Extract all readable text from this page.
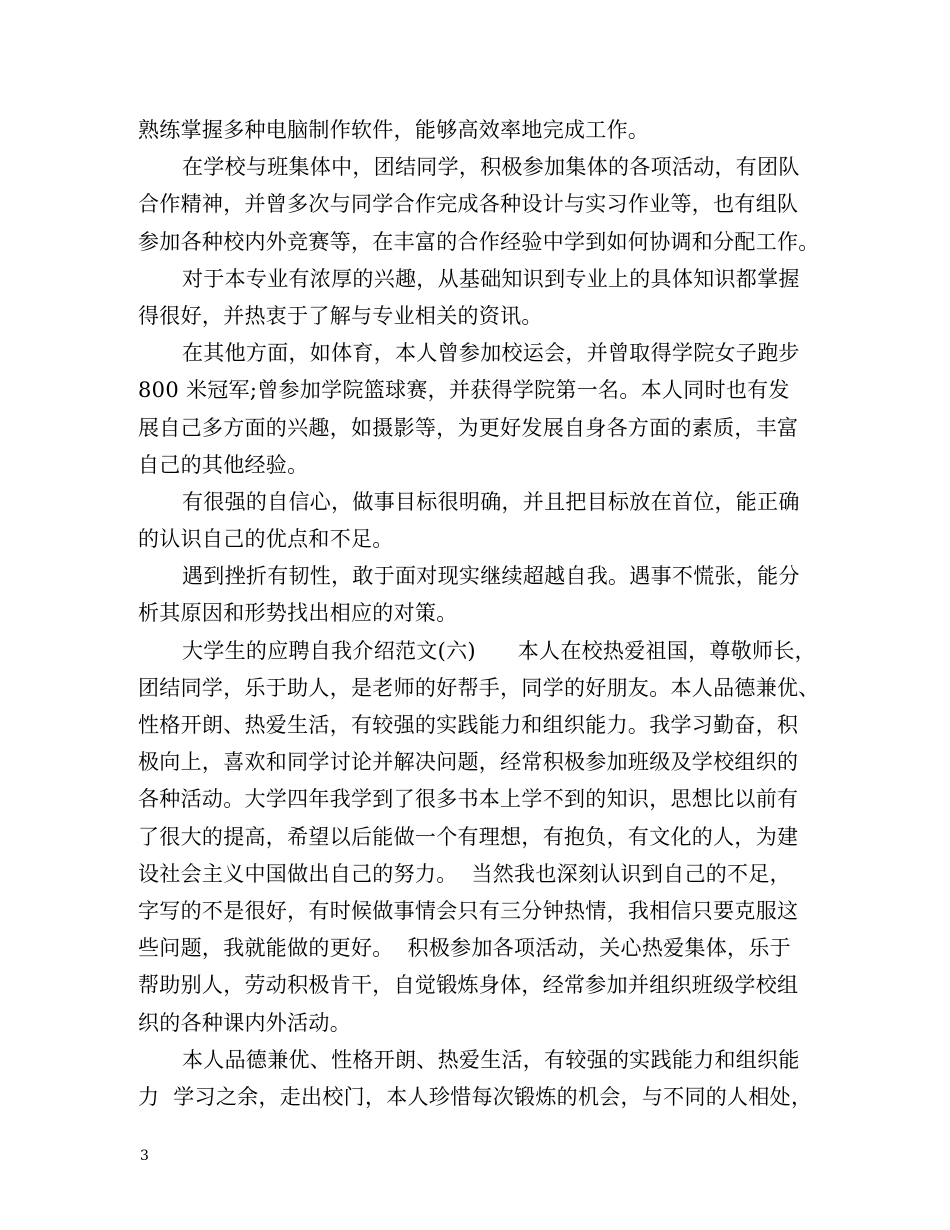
熟练掌握多种电脑制作软件，能够高效率地完成工作。
在学校与班集体中，团结同学，积极参加集体的各项活动，有团队
合作精神，并曾多次与同学合作完成各种设计与实习作业等，也有组队
参加各种校内外竞赛等，在丰富的合作经验中学到如何协调和分配工作。
对于本专业有浓厚的兴趣，从基础知识到专业上的具体知识都掌握
得很好，并热衷于了解与专业相关的资讯。
在其他方面，如体育，本人曾参加校运会，并曾取得学院女子跑步
800 米冠军;曾参加学院篮球赛，并获得学院第一名。本人同时也有发
展自己多方面的兴趣，如摄影等，为更好发展自身各方面的素质，丰富
自己的其他经验。
有很强的自信心，做事目标很明确，并且把目标放在首位，能正确
的认识自己的优点和不足。
遇到挫折有韧性，敢于面对现实继续超越自我。遇事不慌张，能分
析其原因和形势找出相应的对策。
大学生的应聘自我介绍范文(六)      本人在校热爱祖国，尊敬师长，
团结同学，乐于助人，是老师的好帮手，同学的好朋友。本人品德兼优、
性格开朗、热爱生活，有较强的实践能力和组织能力。我学习勤奋，积
极向上，喜欢和同学讨论并解决问题，经常积极参加班级及学校组织的
各种活动。大学四年我学到了很多书本上学不到的知识，思想比以前有
了很大的提高，希望以后能做一个有理想，有抱负，有文化的人，为建
设社会主义中国做出自己的努力。  当然我也深刻认识到自己的不足，
字写的不是很好，有时候做事情会只有三分钟热情，我相信只要克服这
些问题，我就能做的更好。  积极参加各项活动，关心热爱集体，乐于
帮助别人，劳动积极肯干，自觉锻炼身体，经常参加并组织班级学校组
织的各种课内外活动。
本人品德兼优、性格开朗、热爱生活，有较强的实践能力和组织能
力  学习之余，走出校门，本人珍惜每次锻炼的机会，与不同的人相处，
3
